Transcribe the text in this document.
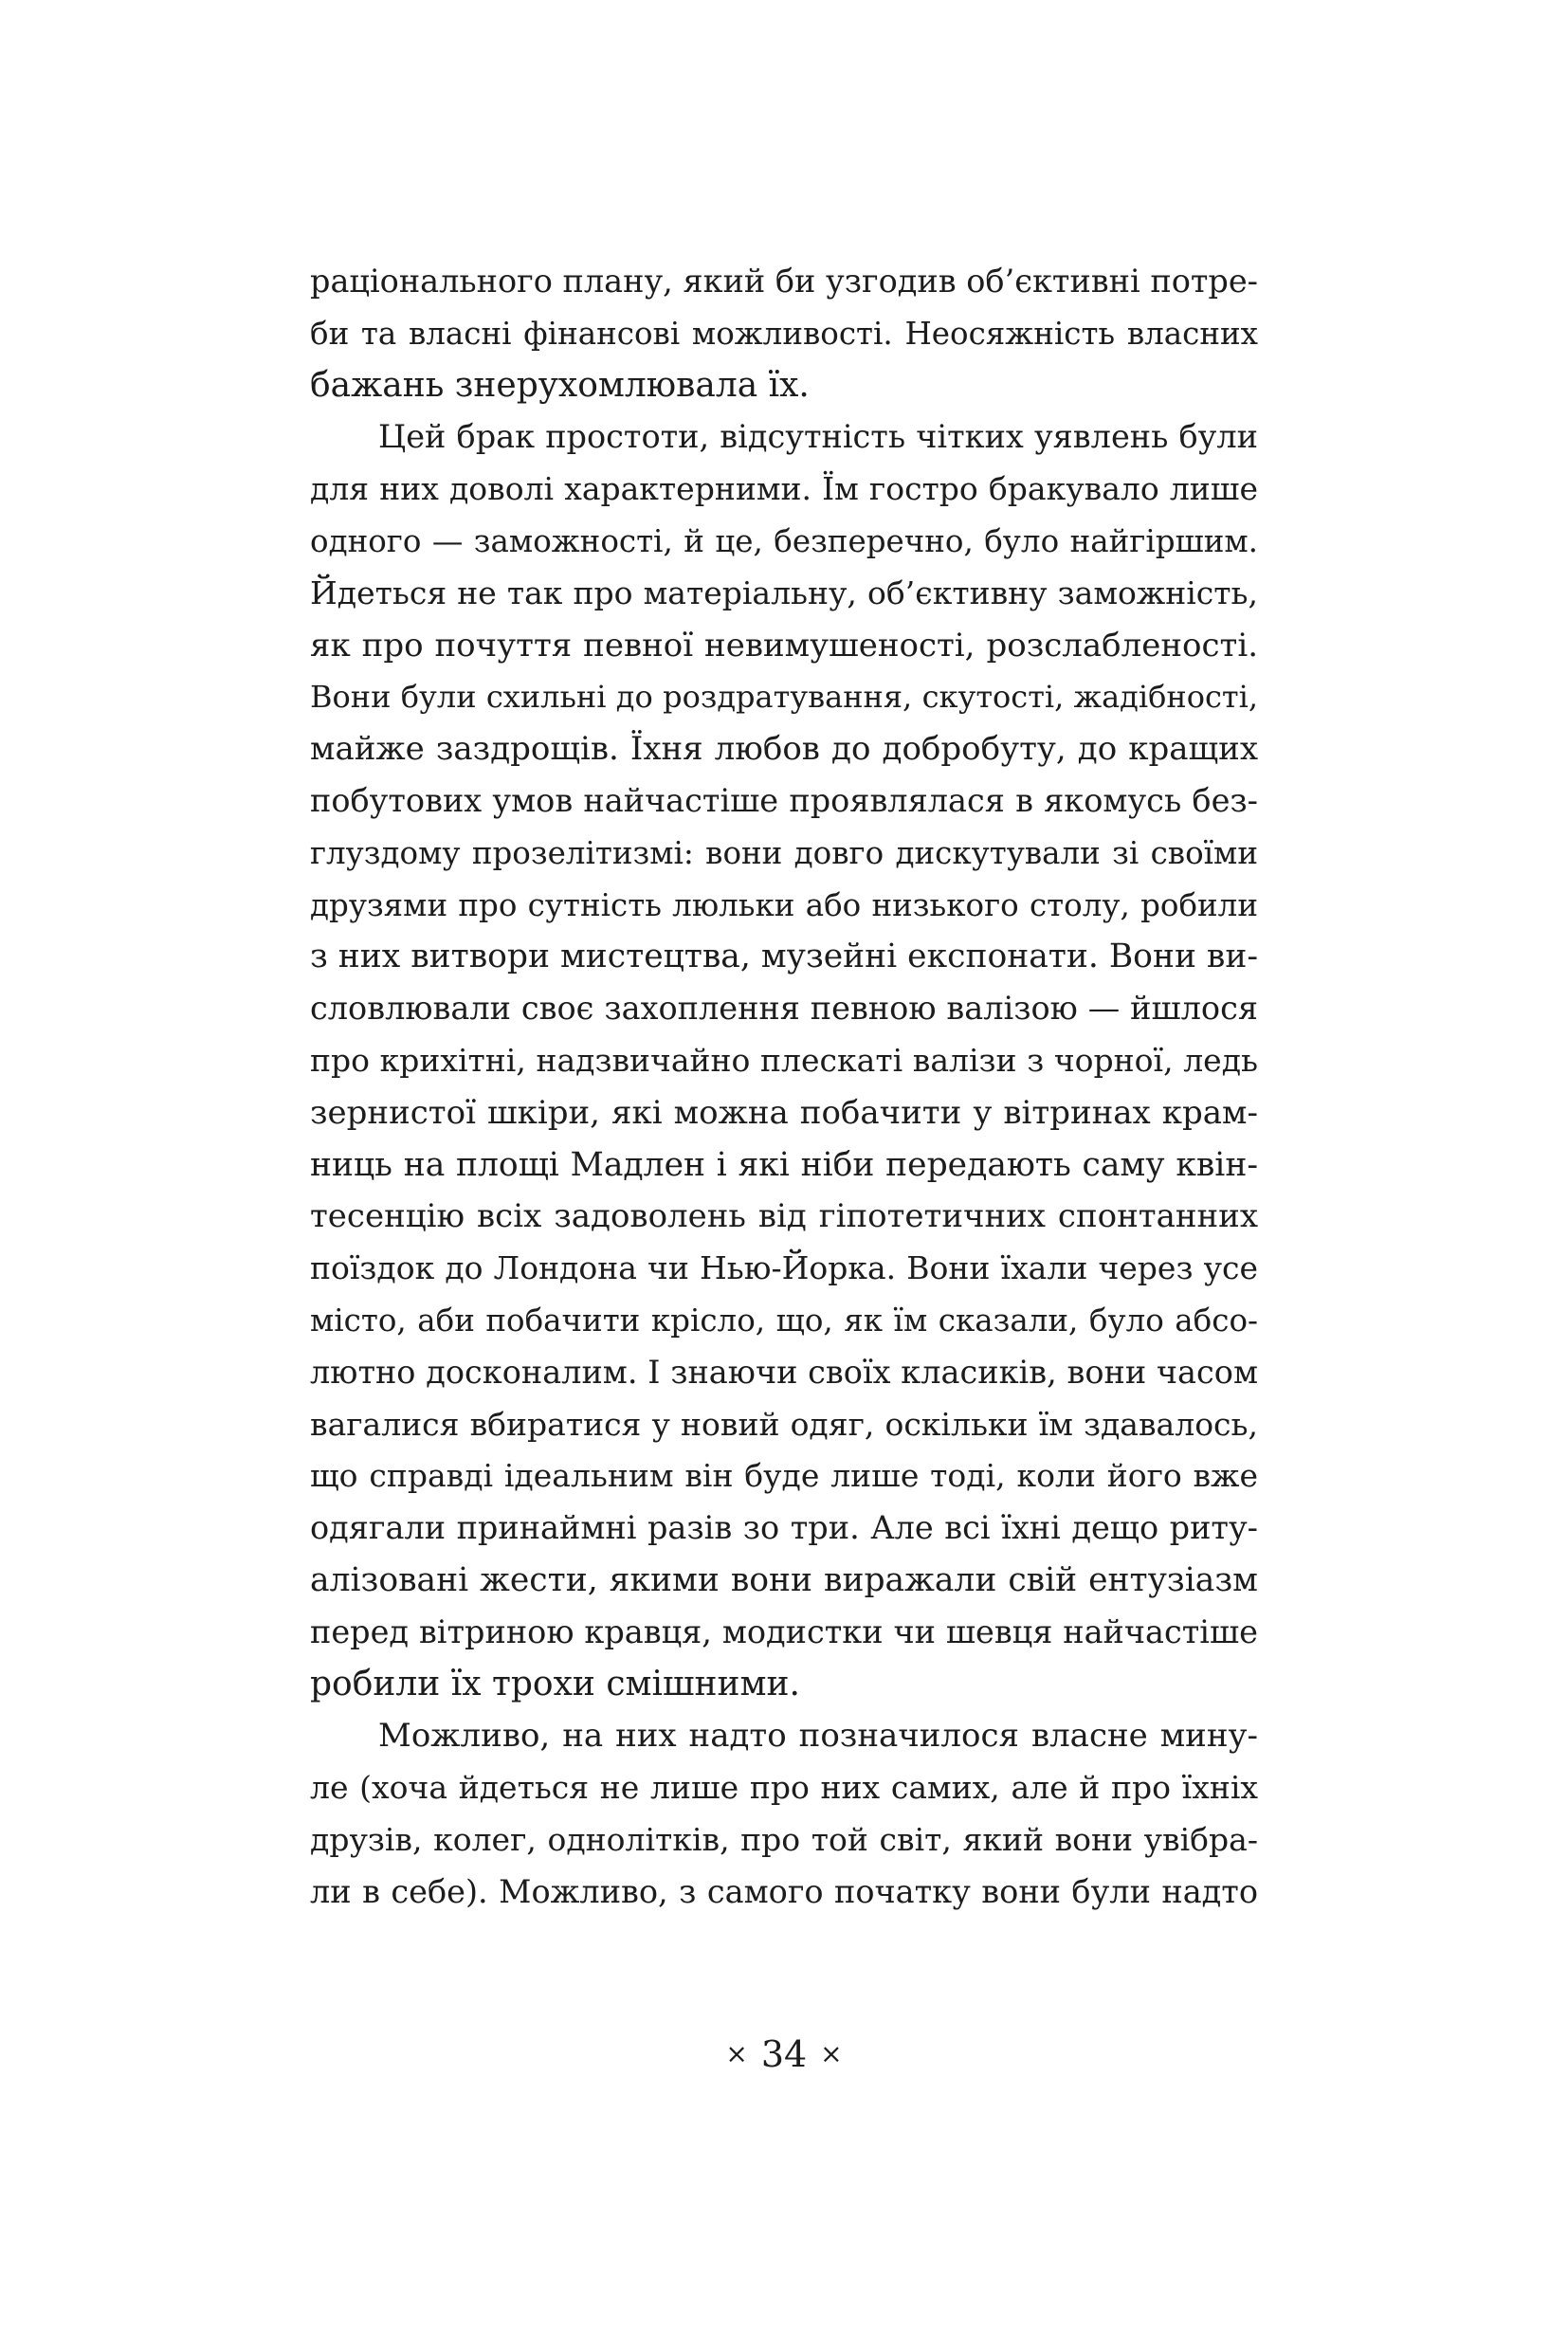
раціонального плану, який би узгодив об’єктивні потре-
би та власні фінансові можливості. Неосяжність власних
бажань знерухомлювала їх.
Цей брак простоти, відсутність чітких уявлень були
для них доволі характерними. Їм гостро бракувало лише
одного — заможності, й це, безперечно, було найгіршим.
Йдеться не так про матеріальну, об’єктивну заможність,
як про почуття певної невимушеності, розслабленості.
Вони були схильні до роздратування, скутості, жадібності,
майже заздрощів. Їхня любов до добробуту, до кращих
побутових умов найчастіше проявлялася в якомусь без-
глуздому прозелітизмі: вони довго дискутували зі своїми
друзями про сутність люльки або низького столу, робили
з них витвори мистецтва, музейні експонати. Вони ви-
словлювали своє захоплення певною валізою — йшлося
про крихітні, надзвичайно плескаті валізи з чорної, ледь
зернистої шкіри, які можна побачити у вітринах крам-
ниць на площі Мадлен і які ніби передають саму квін-
тесенцію всіх задоволень від гіпотетичних спонтанних
поїздок до Лондона чи Нью-Йорка. Вони їхали через усе
місто, аби побачити крісло, що, як їм сказали, було абсо-
лютно досконалим. І знаючи своїх класиків, вони часом
вагалися вбиратися у новий одяг, оскільки їм здавалось,
що справді ідеальним він буде лише тоді, коли його вже
одягали принаймні разів зо три. Але всі їхні дещо риту-
алізовані жести, якими вони виражали свій ентузіазм
перед вітриною кравця, модистки чи шевця найчастіше
робили їх трохи смішними.
Можливо, на них надто позначилося власне мину-
ле (хоча йдеться не лише про них самих, але й про їхніх
друзів, колег, однолітків, про той світ, який вони увібра-
ли в себе). Можливо, з самого початку вони були надто
× 34 ×
